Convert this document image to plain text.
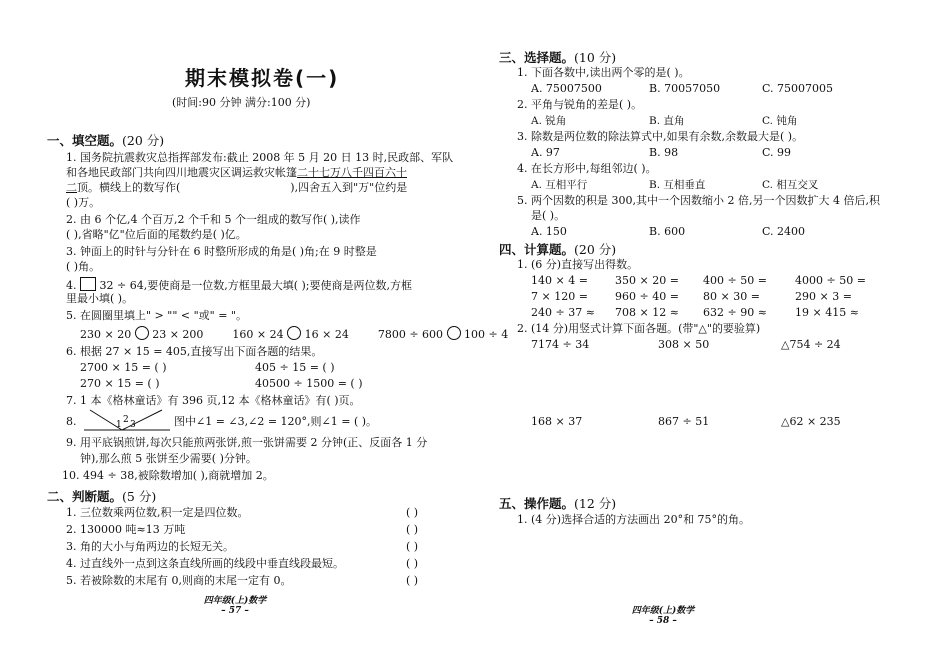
期末模拟卷(一)
(时间:90 分钟 满分:100 分)
一、填空题。(20 分)
1. 国务院抗震救灾总指挥部发布:截止 2008 年 5 月 20 日 13 时,民政部、军队
和各地民政部门共向四川地震灾区调运救灾帐篷二十七万八千四百六十
二顶。横线上的数写作(	),四舍五入到"万"位约是
( )万。
2. 由 6 个亿,4 个百万,2 个千和 5 个一组成的数写作( ),读作
( ),省略"亿"位后面的尾数约是( )亿。
3. 钟面上的时针与分针在 6 时整所形成的角是( )角;在 9 时整是
( )角。
4. 32 ÷ 64,要使商是一位数,方框里最大填( );要使商是两位数,方框
里最小填( )。
5. 在圆圈里填上" > "" < "或" = "。
230 × 20 23 × 200	160 × 24 16 × 24	7800 ÷ 600 100 ÷ 4
6. 根据 27 × 15 = 405,直接写出下面各题的结果。
2700 × 15 = ( )	405 ÷ 15 = ( )
270 × 15 = ( )	40500 ÷ 1500 = ( )
7. 1 本《格林童话》有 396 页,12 本《格林童话》有( )页。
8.	1 2 3	图中∠1 = ∠3,∠2 = 120°,则∠1 = ( )。
9. 用平底锅煎饼,每次只能煎两张饼,煎一张饼需要 2 分钟(正、反面各 1 分
钟),那么煎 5 张饼至少需要( )分钟。
10. 494 ÷ 38,被除数增加( ),商就增加 2。
二、判断题。(5 分)
1. 三位数乘两位数,积一定是四位数。	( )
2. 130000 吨≈13 万吨	( )
3. 角的大小与角两边的长短无关。	( )
4. 过直线外一点到这条直线所画的线段中垂直线段最短。	( )
5. 若被除数的末尾有 0,则商的末尾一定有 0。	( )
四年级(上)数学
– 57 –
三、选择题。(10 分)
1. 下面各数中,读出两个零的是( )。
A. 75007500	B. 70057050	C. 75007005
2. 平角与锐角的差是( )。
A. 锐角	B. 直角	C. 钝角
3. 除数是两位数的除法算式中,如果有余数,余数最大是( )。
A. 97	B. 98	C. 99
4. 在长方形中,每组邻边( )。
A. 互相平行	B. 互相垂直	C. 相互交叉
5. 两个因数的积是 300,其中一个因数缩小 2 倍,另一个因数扩大 4 倍后,积
是( )。
A. 150	B. 600	C. 2400
四、计算题。(20 分)
1. (6 分)直接写出得数。
140 × 4 = 350 × 20 = 400 ÷ 50 =	4000 ÷ 50 =
7 × 120 = 960 ÷ 40 = 80 × 30 =	290 × 3 =
240 ÷ 37 ≈ 708 × 12 ≈ 632 ÷ 90 ≈	19 × 415 ≈
2. (14 分)用竖式计算下面各题。(带"△"的要验算)
7174 ÷ 34	308 × 50	△754 ÷ 24
168 × 37	867 ÷ 51	△62 × 235
五、操作题。(12 分)
1. (4 分)选择合适的方法画出 20°和 75°的角。
四年级(上)数学
– 58 –
